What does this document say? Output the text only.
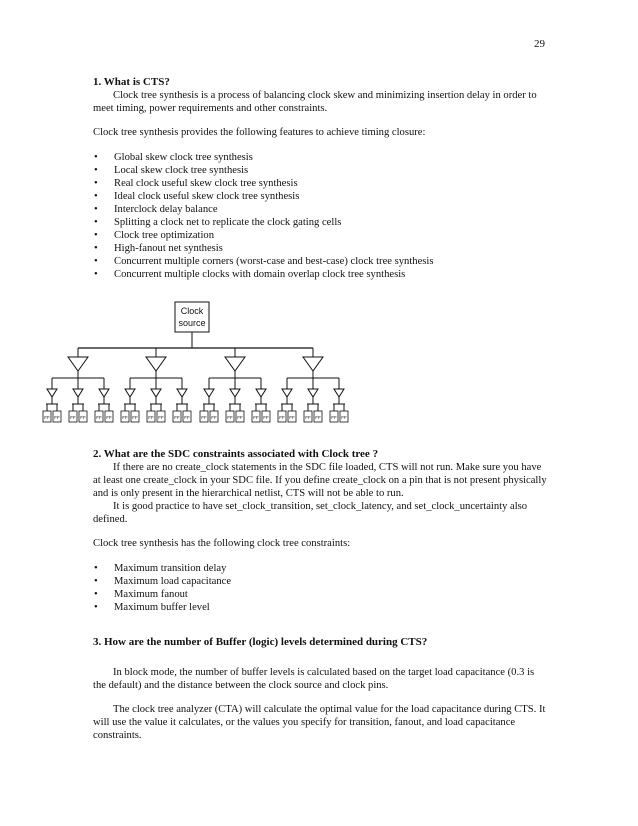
29

1. What is CTS?

Clock tree synthesis is a process of balancing clock skew and minimizing insertion delay in order to meet timing, power requirements and other constraints.

Clock tree synthesis provides the following features to achieve timing closure:

• Global skew clock tree synthesis
• Local skew clock tree synthesis
• Real clock useful skew clock tree synthesis
• Ideal clock useful skew clock tree synthesis
• Interclock delay balance
• Splitting a clock net to replicate the clock gating cells
• Clock tree optimization
• High-fanout net synthesis
• Concurrent multiple corners (worst-case and best-case) clock tree synthesis
• Concurrent multiple clocks with domain overlap clock tree synthesis
Clock
source
FF FF FF FF FF FF FF FF FF FF FF FF	FF FF FF FF FF FF FF FF FF FF FF FF

2. What are the SDC constraints associated with Clock tree ?

If there are no create_clock statements in the SDC file loaded, CTS will not run. Make sure you have at least one create_clock in your SDC file. If you define create_clock on a pin that is not present physically and is only present in the hierarchical netlist, CTS will not be able to run.

It is good practice to have set_clock_transition, set_clock_latency, and set_clock_uncertainty also defined.

Clock tree synthesis has the following clock tree constraints:

• Maximum transition delay
• Maximum load capacitance
• Maximum fanout
• Maximum buffer level

3. How are the number of Buffer (logic) levels determined during CTS?

In block mode, the number of buffer levels is calculated based on the target load capacitance (0.3 is the default) and the distance between the clock source and clock pins.

The clock tree analyzer (CTA) will calculate the optimal value for the load capacitance during CTS. It will use the value it calculates, or the values you specify for transition, fanout, and load capacitance constraints.
